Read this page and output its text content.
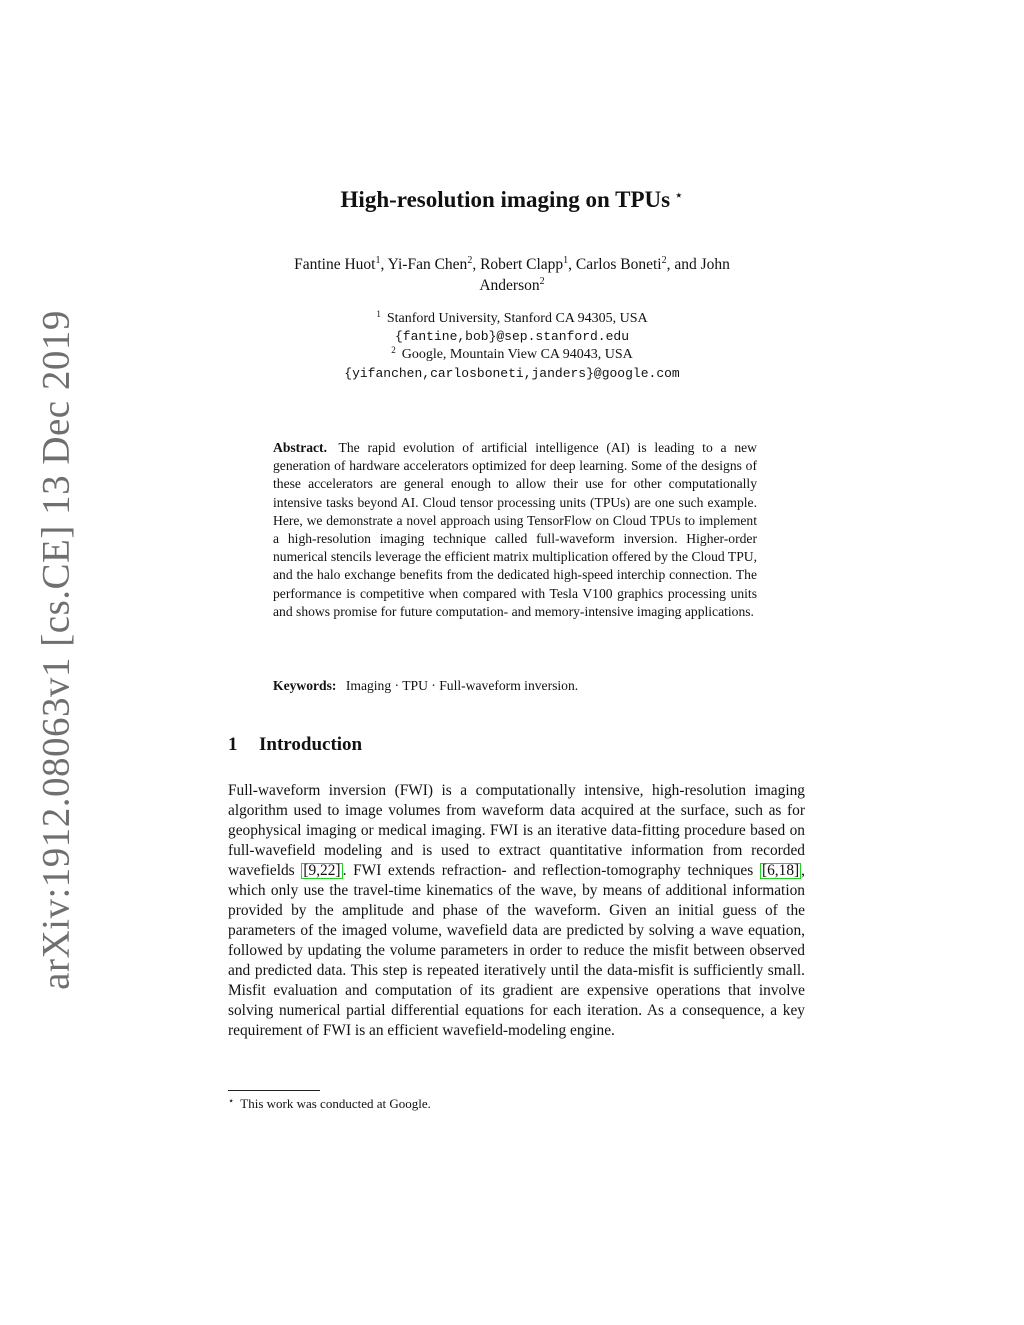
arXiv:1912.08063v1 [cs.CE] 13 Dec 2019
High-resolution imaging on TPUs ⋆
Fantine Huot$^1$, Yi-Fan Chen$^2$, Robert Clapp$^1$, Carlos Boneti$^2$, and John
Anderson$^2$
$^1$ Stanford University, Stanford CA 94305, USA
{fantine,bob}@sep.stanford.edu
$^2$ Google, Mountain View CA 94043, USA
{yifanchen,carlosboneti,janders}@google.com
Abstract. The rapid evolution of artificial intelligence (AI) is leading to a new generation of hardware accelerators optimized for deep learning. Some of the designs of these accelerators are general enough to allow their use for other computationally intensive tasks beyond AI. Cloud tensor processing units (TPUs) are one such example. Here, we demonstrate a novel approach using TensorFlow on Cloud TPUs to implement a high-resolution imaging technique called full-waveform inversion. Higher-order numerical stencils leverage the efficient matrix multiplication offered by the Cloud TPU, and the halo exchange benefits from the dedicated high-speed interchip connection. The performance is competitive when compared with Tesla V100 graphics processing units and shows promise for future computation- and memory-intensive imaging applications.
Keywords: Imaging · TPU · Full-waveform inversion.
1 Introduction
Full-waveform inversion (FWI) is a computationally intensive, high-resolution imaging algorithm used to image volumes from waveform data acquired at the surface, such as for geophysical imaging or medical imaging. FWI is an iterative data-fitting procedure based on full-wavefield modeling and is used to extract quantitative information from recorded wavefields [9,22] . FWI extends refraction- and reflection-tomography techniques [6,18] , which only use the travel-time kinematics of the wave, by means of additional information provided by the amplitude and phase of the waveform. Given an initial guess of the parameters of the imaged volume, wavefield data are predicted by solving a wave equation, followed by updating the volume parameters in order to reduce the misfit between observed and predicted data. This step is repeated iteratively until the data-misfit is sufficiently small. Misfit evaluation and computation of its gradient are expensive operations that involve solving numerical partial differential equations for each iteration. As a consequence, a key requirement of FWI is an efficient wavefield-modeling engine.
⋆ This work was conducted at Google.
